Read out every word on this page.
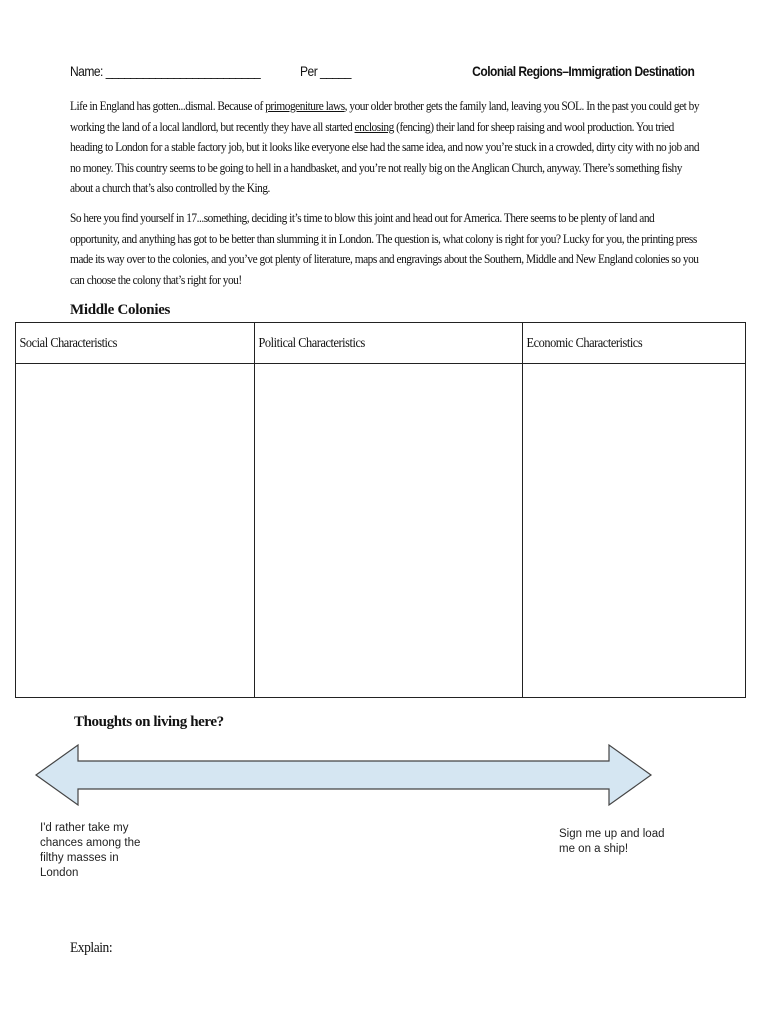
Name: _________________________	Per _____	Colonial Regions–Immigration Destination
Life in England has gotten...dismal. Because of primogeniture laws, your older brother gets the family land, leaving you SOL. In the past you could get by working the land of a local landlord, but recently they have all started enclosing (fencing) their land for sheep raising and wool production. You tried heading to London for a stable factory job, but it looks like everyone else had the same idea, and now you’re stuck in a crowded, dirty city with no job and no money. This country seems to be going to hell in a handbasket, and you’re not really big on the Anglican Church, anyway. There’s something fishy about a church that’s also controlled by the King.
So here you find yourself in 17...something, deciding it’s time to blow this joint and head out for America. There seems to be plenty of land and opportunity, and anything has got to be better than slumming it in London. The question is, what colony is right for you? Lucky for you, the printing press made its way over to the colonies, and you’ve got plenty of literature, maps and engravings about the Southern, Middle and New England colonies so you can choose the colony that’s right for you!
Middle Colonies
Social Characteristics	Political Characteristics	Economic Characteristics

Thoughts on living here?
I'd rather take my chances among the filthy masses in London
Sign me up and load me on a ship!
Explain:
